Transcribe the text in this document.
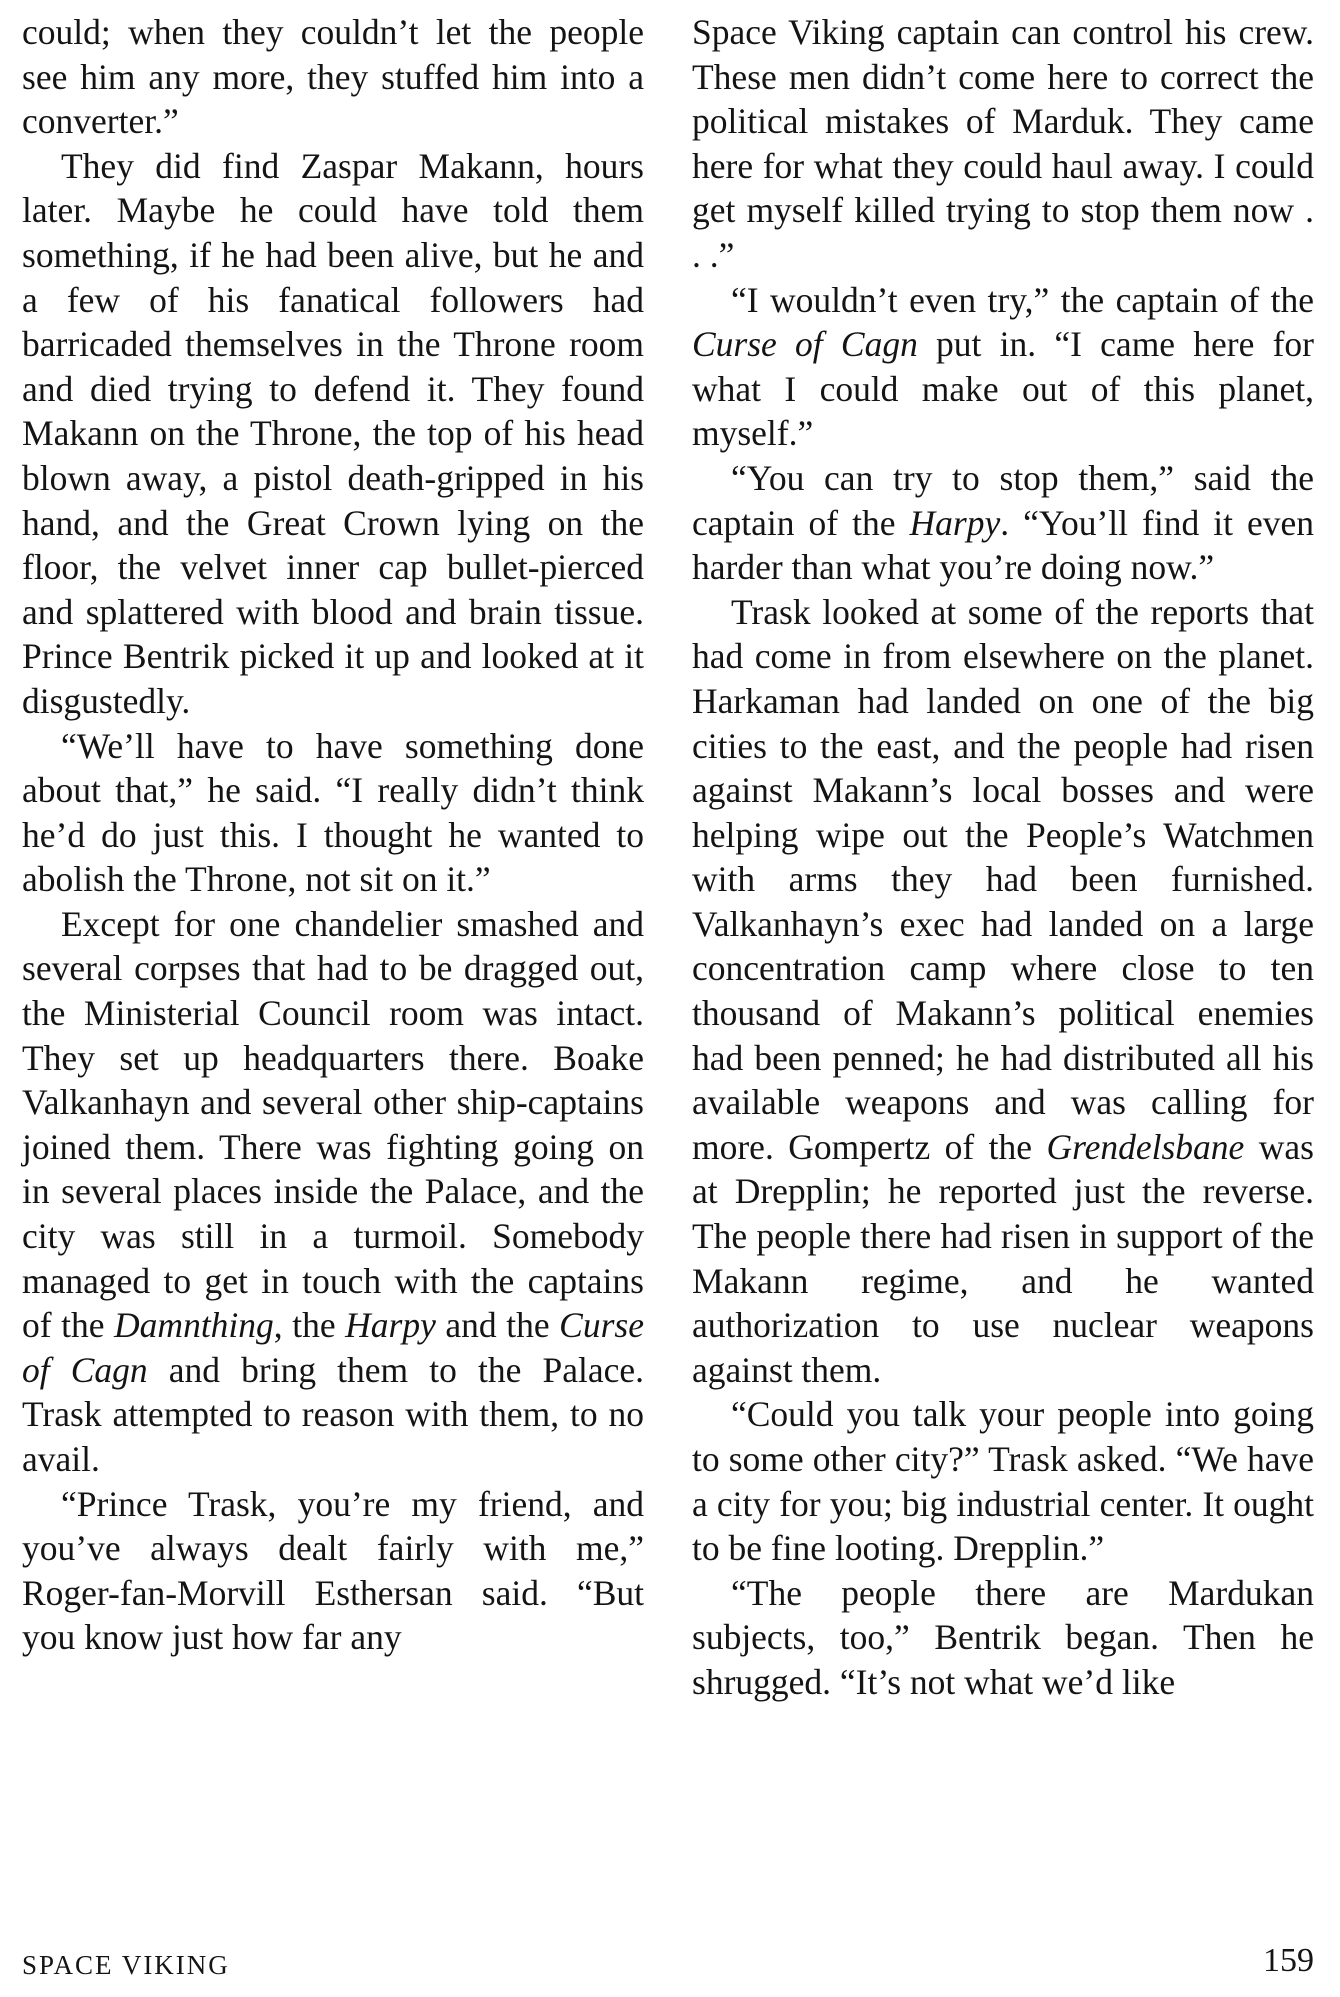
could; when they couldn’t let the people see him any more, they stuffed him into a converter.”

They did find Zaspar Makann, hours later. Maybe he could have told them something, if he had been alive, but he and a few of his fanatical followers had barricaded themselves in the Throne room and died trying to defend it. They found Makann on the Throne, the top of his head blown away, a pistol death-gripped in his hand, and the Great Crown lying on the floor, the velvet inner cap bullet-pierced and splattered with blood and brain tissue. Prince Bentrik picked it up and looked at it disgustedly.

“We’ll have to have something done about that,” he said. “I really didn’t think he’d do just this. I thought he wanted to abolish the Throne, not sit on it.”

Except for one chandelier smashed and several corpses that had to be dragged out, the Ministerial Council room was intact. They set up headquarters there. Boake Valkanhayn and several other ship-captains joined them. There was fighting going on in several places inside the Palace, and the city was still in a turmoil. Somebody managed to get in touch with the captains of the Damnthing, the Harpy and the Curse of Cagn and bring them to the Palace. Trask attempted to reason with them, to no avail.

“Prince Trask, you’re my friend, and you’ve always dealt fairly with me,” Roger-fan-Morvill Esthersan said. “But you know just how far any

Space Viking captain can control his crew. These men didn’t come here to correct the political mistakes of Marduk. They came here for what they could haul away. I could get myself killed trying to stop them now . . .”

“I wouldn’t even try,” the captain of the Curse of Cagn put in. “I came here for what I could make out of this planet, myself.”

“You can try to stop them,” said the captain of the Harpy. “You’ll find it even harder than what you’re doing now.”

Trask looked at some of the reports that had come in from elsewhere on the planet. Harkaman had landed on one of the big cities to the east, and the people had risen against Makann’s local bosses and were helping wipe out the People’s Watchmen with arms they had been furnished. Valkanhayn’s exec had landed on a large concentration camp where close to ten thousand of Makann’s political enemies had been penned; he had distributed all his available weapons and was calling for more. Gompertz of the Grendelsbane was at Drepplin; he reported just the reverse. The people there had risen in support of the Makann regime, and he wanted authorization to use nuclear weapons against them.

“Could you talk your people into going to some other city?” Trask asked. “We have a city for you; big industrial center. It ought to be fine looting. Drepplin.”

“The people there are Mardukan subjects, too,” Bentrik began. Then he shrugged. “It’s not what we’d like

SPACE VIKING	159
